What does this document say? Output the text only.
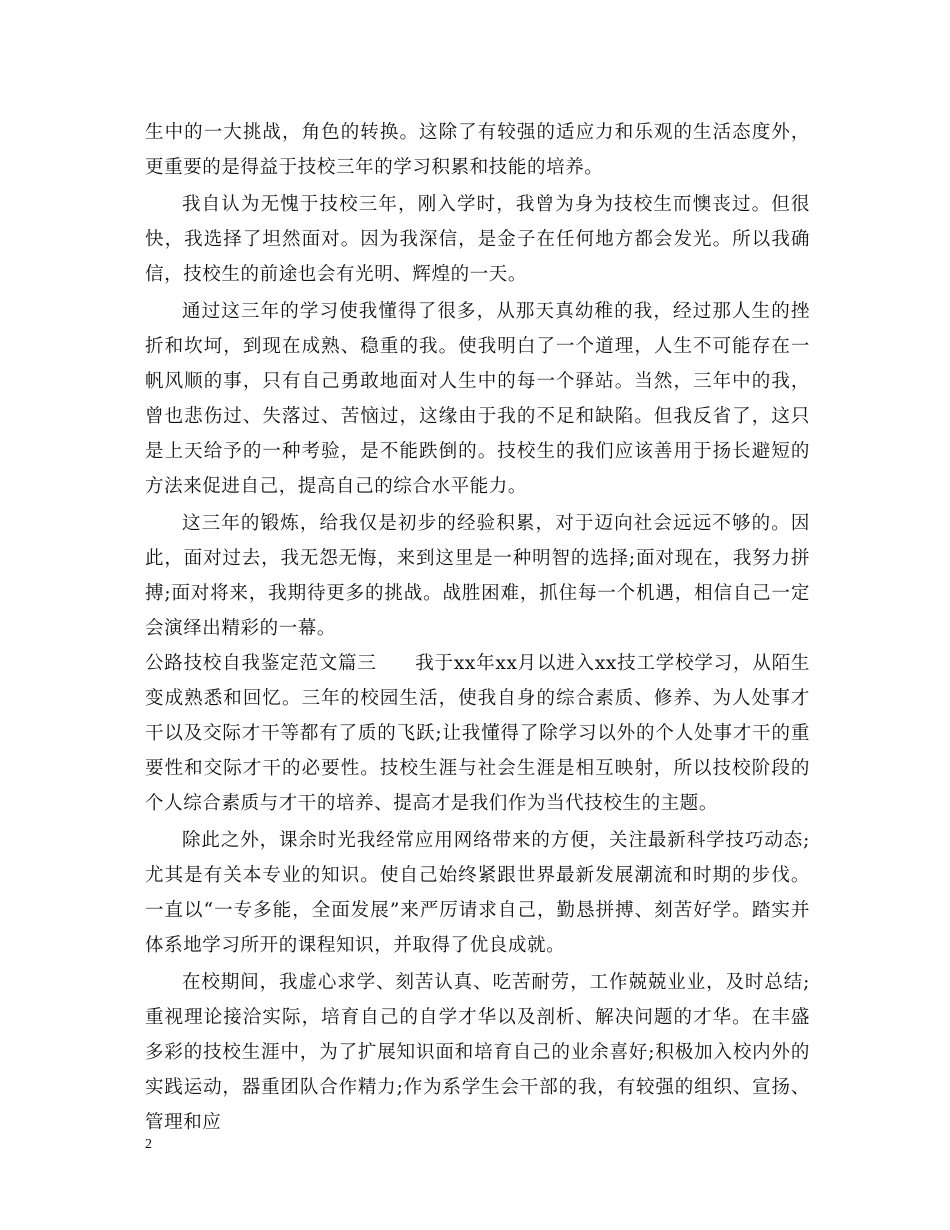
生中的一大挑战，角色的转换。这除了有较强的适应力和乐观的生活态度外，更重要的是得益于技校三年的学习积累和技能的培养。

我自认为无愧于技校三年，刚入学时，我曾为身为技校生而懊丧过。但很快，我选择了坦然面对。因为我深信，是金子在任何地方都会发光。所以我确信，技校生的前途也会有光明、辉煌的一天。

通过这三年的学习使我懂得了很多，从那天真幼稚的我，经过那人生的挫折和坎坷，到现在成熟、稳重的我。使我明白了一个道理，人生不可能存在一帆风顺的事，只有自己勇敢地面对人生中的每一个驿站。当然，三年中的我，曾也悲伤过、失落过、苦恼过，这缘由于我的不足和缺陷。但我反省了，这只是上天给予的一种考验，是不能跌倒的。技校生的我们应该善用于扬长避短的方法来促进自己，提高自己的综合水平能力。

这三年的锻炼，给我仅是初步的经验积累，对于迈向社会远远不够的。因此，面对过去，我无怨无悔，来到这里是一种明智的选择;面对现在，我努力拼搏;面对将来，我期待更多的挑战。战胜困难，抓住每一个机遇，相信自己一定会演绎出精彩的一幕。

公路技校自我鉴定范文篇三　　我于xx年xx月以进入xx技工学校学习，从陌生变成熟悉和回忆。三年的校园生活，使我自身的综合素质、修养、为人处事才干以及交际才干等都有了质的飞跃;让我懂得了除学习以外的个人处事才干的重要性和交际才干的必要性。技校生涯与社会生涯是相互映射，所以技校阶段的个人综合素质与才干的培养、提高才是我们作为当代技校生的主题。

除此之外，课余时光我经常应用网络带来的方便，关注最新科学技巧动态;尤其是有关本专业的知识。使自己始终紧跟世界最新发展潮流和时期的步伐。一直以“一专多能，全面发展”来严厉请求自己，勤恳拼搏、刻苦好学。踏实并体系地学习所开的课程知识，并取得了优良成就。

在校期间，我虚心求学、刻苦认真、吃苦耐劳，工作兢兢业业，及时总结;重视理论接洽实际，培育自己的自学才华以及剖析、解决问题的才华。在丰盛多彩的技校生涯中，为了扩展知识面和培育自己的业余喜好;积极加入校内外的实践运动，器重团队合作精力;作为系学生会干部的我，有较强的组织、宣扬、管理和应

2
